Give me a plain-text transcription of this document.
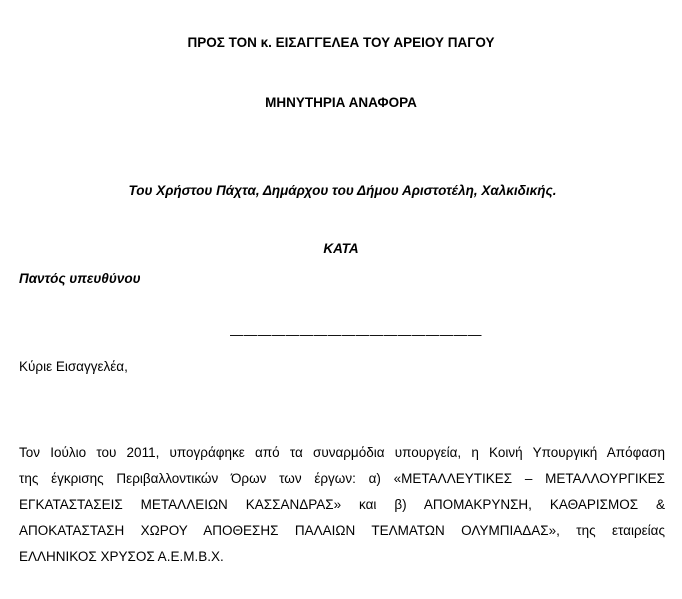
ΠΡΟΣ ΤΟΝ κ. ΕΙΣΑΓΓΕΛΕΑ ΤΟΥ ΑΡΕΙΟΥ ΠΑΓΟΥ
ΜΗΝΥΤΗΡΙΑ ΑΝΑΦΟΡΑ
Του Χρήστου Πάχτα, Δημάρχου του Δήμου Αριστοτέλη, Χαλκιδικής.
ΚΑΤΑ
Παντός υπευθύνου
——————————————————
Κύριε Εισαγγελέα,
Τον Ιούλιο του 2011, υπογράφηκε από τα συναρμόδια υπουργεία, η Κοινή Υπουργική Απόφαση
της έγκρισης Περιβαλλοντικών Όρων των έργων: α) «ΜΕΤΑΛΛΕΥΤΙΚΕΣ – ΜΕΤΑΛΛΟΥΡΓΙΚΕΣ
ΕΓΚΑΤΑΣΤΑΣΕΙΣ ΜΕΤΑΛΛΕΙΩΝ ΚΑΣΣΑΝΔΡΑΣ» και β) ΑΠΟΜΑΚΡΥΝΣΗ, ΚΑΘΑΡΙΣΜΟΣ &
ΑΠΟΚΑΤΑΣΤΑΣΗ ΧΩΡΟΥ ΑΠΟΘΕΣΗΣ ΠΑΛΑΙΩΝ ΤΕΛΜΑΤΩΝ ΟΛΥΜΠΙΑΔΑΣ», της εταιρείας
ΕΛΛΗΝΙΚΟΣ ΧΡΥΣΟΣ Α.Ε.Μ.Β.Χ.
